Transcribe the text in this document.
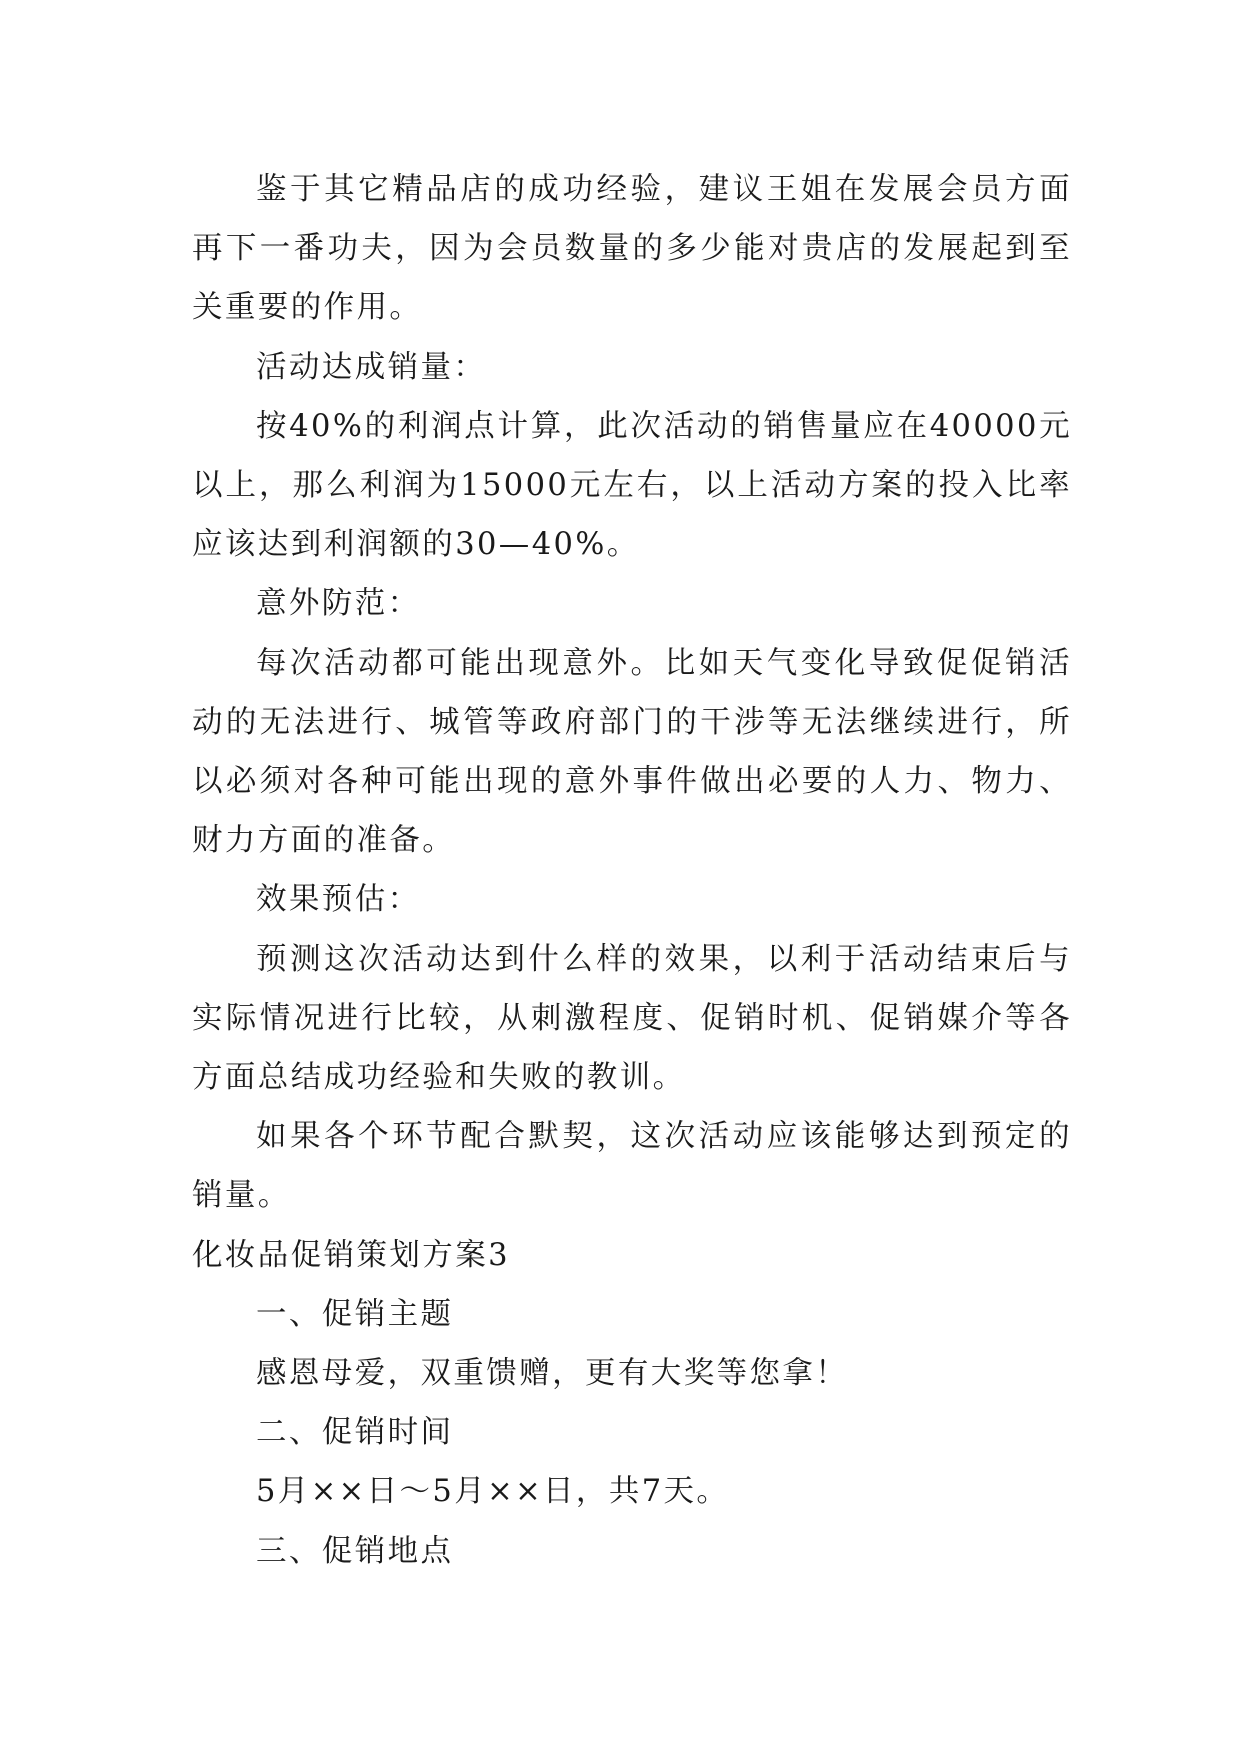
鉴于其它精品店的成功经验，建议王姐在发展会员方面再下一番功夫，因为会员数量的多少能对贵店的发展起到至关重要的作用。

活动达成销量：

按40%的利润点计算，此次活动的销售量应在40000元以上，那么利润为15000元左右，以上活动方案的投入比率应该达到利润额的30—40%。

意外防范：

每次活动都可能出现意外。比如天气变化导致促促销活动的无法进行、城管等政府部门的干涉等无法继续进行，所以必须对各种可能出现的意外事件做出必要的人力、物力、财力方面的准备。

效果预估：

预测这次活动达到什么样的效果，以利于活动结束后与实际情况进行比较，从刺激程度、促销时机、促销媒介等各方面总结成功经验和失败的教训。

如果各个环节配合默契，这次活动应该能够达到预定的销量。

化妆品促销策划方案3

一、促销主题

感恩母爱，双重馈赠，更有大奖等您拿！

二、促销时间

5月××日～5月××日，共7天。

三、促销地点
